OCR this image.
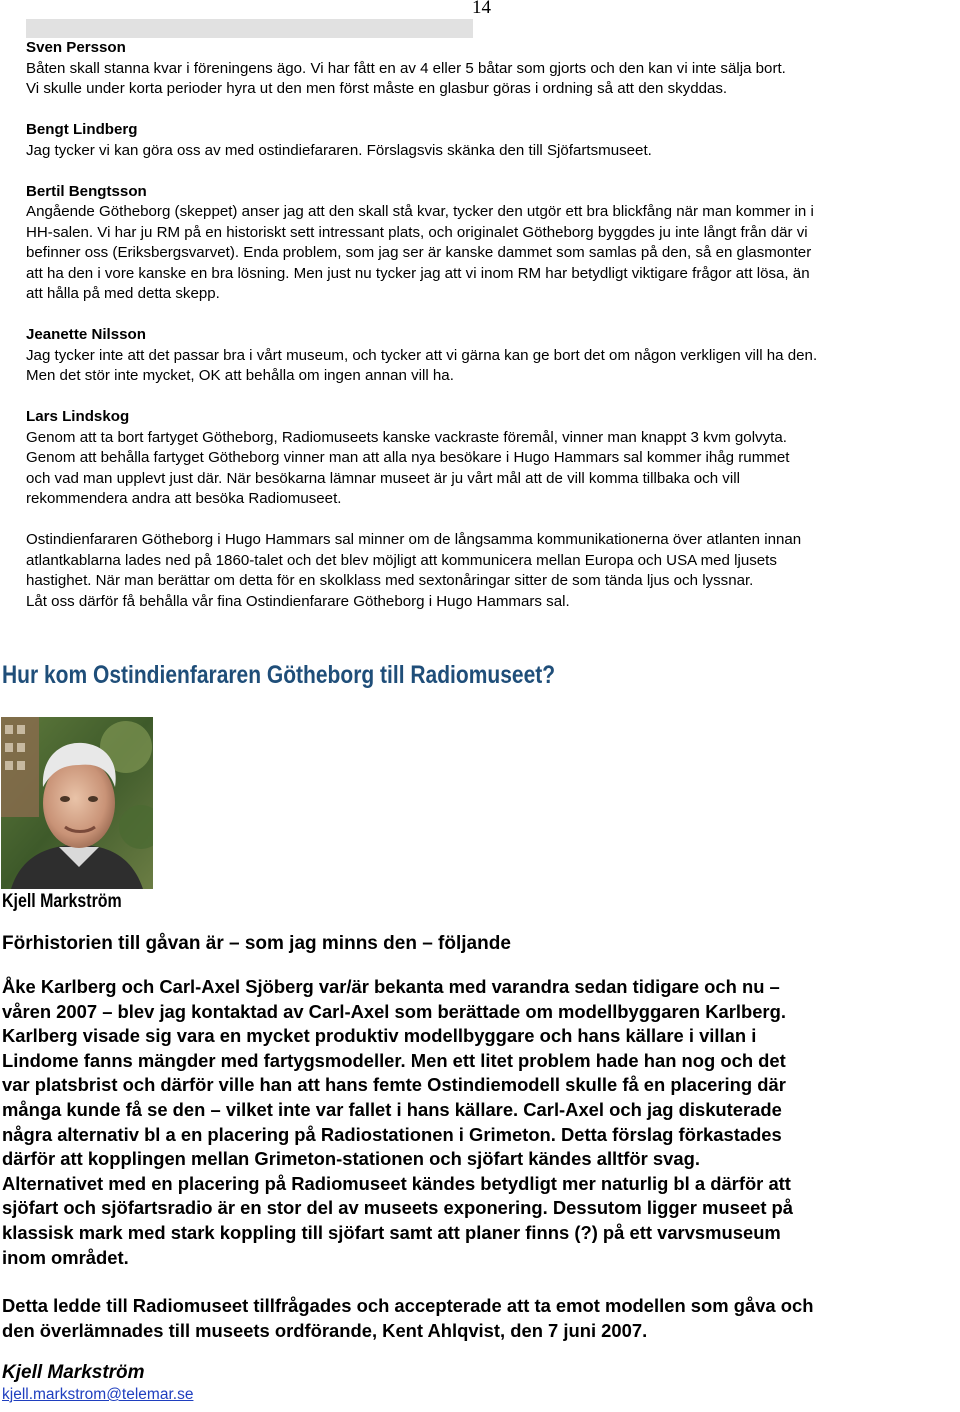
14

Sven Persson
Båten skall stanna kvar i föreningens ägo. Vi har fått en av 4 eller 5 båtar som gjorts och den kan vi inte sälja bort.
Vi skulle under korta perioder hyra ut den men först måste en glasbur göras i ordning så att den skyddas.

Bengt Lindberg
Jag tycker vi kan göra oss av med ostindiefararen. Förslagsvis skänka den till Sjöfartsmuseet.

Bertil Bengtsson
Angående Götheborg (skeppet) anser jag att den skall stå kvar, tycker den utgör ett bra blickfång när man kommer in i
HH-salen. Vi har ju RM på en historiskt sett intressant plats, och originalet Götheborg byggdes ju inte långt från där vi
befinner oss (Eriksbergsvarvet). Enda problem, som jag ser är kanske dammet som samlas på den, så en glasmonter
att ha den i vore kanske en bra lösning. Men just nu tycker jag att vi inom RM har betydligt viktigare frågor att lösa, än
att hålla på med detta skepp.

Jeanette Nilsson
Jag tycker inte att det passar bra i vårt museum, och tycker att vi gärna kan ge bort det om någon verkligen vill ha den.
Men det stör inte mycket, OK att behålla om ingen annan vill ha.

Lars Lindskog
Genom att ta bort fartyget Götheborg, Radiomuseets kanske vackraste föremål, vinner man knappt 3 kvm golvyta.
Genom att behålla fartyget Götheborg vinner man att alla nya besökare i Hugo Hammars sal kommer ihåg rummet
och vad man upplevt just där. När besökarna lämnar museet är ju vårt mål att de vill komma tillbaka och vill
rekommendera andra att besöka Radiomuseet.

Ostindienfararen Götheborg i Hugo Hammars sal minner om de långsamma kommunikationerna över atlanten innan
atlantkablarna lades ned på 1860-talet och det blev möjligt att kommunicera mellan Europa och USA med ljusets
hastighet. När man berättar om detta för en skolklass med sextonåringar sitter de som tända ljus och lyssnar.
Låt oss därför få behålla vår fina Ostindienfarare Götheborg i Hugo Hammars sal.

Hur kom Ostindienfararen Götheborg till Radiomuseet?
Kjell Markström
Förhistorien till gåvan är – som jag minns den – följande

Åke Karlberg och Carl-Axel Sjöberg var/är bekanta med varandra sedan tidigare och nu –
våren 2007 – blev jag kontaktad av Carl-Axel som berättade om modellbyggaren Karlberg.
Karlberg visade sig vara en mycket produktiv modellbyggare och hans källare i villan i
Lindome fanns mängder med fartygsmodeller. Men ett litet problem hade han nog och det
var platsbrist och därför ville han att hans femte Ostindiemodell skulle få en placering där
många kunde få se den – vilket inte var fallet i hans källare. Carl-Axel och jag diskuterade
några alternativ bl a en placering på Radiostationen i Grimeton. Detta förslag förkastades
därför att kopplingen mellan Grimeton-stationen och sjöfart kändes alltför svag.
Alternativet med en placering på Radiomuseet kändes betydligt mer naturlig bl a därför att
sjöfart och sjöfartsradio är en stor del av museets exponering. Dessutom ligger museet på
klassisk mark med stark koppling till sjöfart samt att planer finns (?) på ett varvsmuseum
inom området.

Detta ledde till Radiomuseet tillfrågades och accepterade att ta emot modellen som gåva och
den överlämnades till museets ordförande, Kent Ahlqvist, den 7 juni 2007.

Kjell Markström
kjell.markstrom@telemar.se
